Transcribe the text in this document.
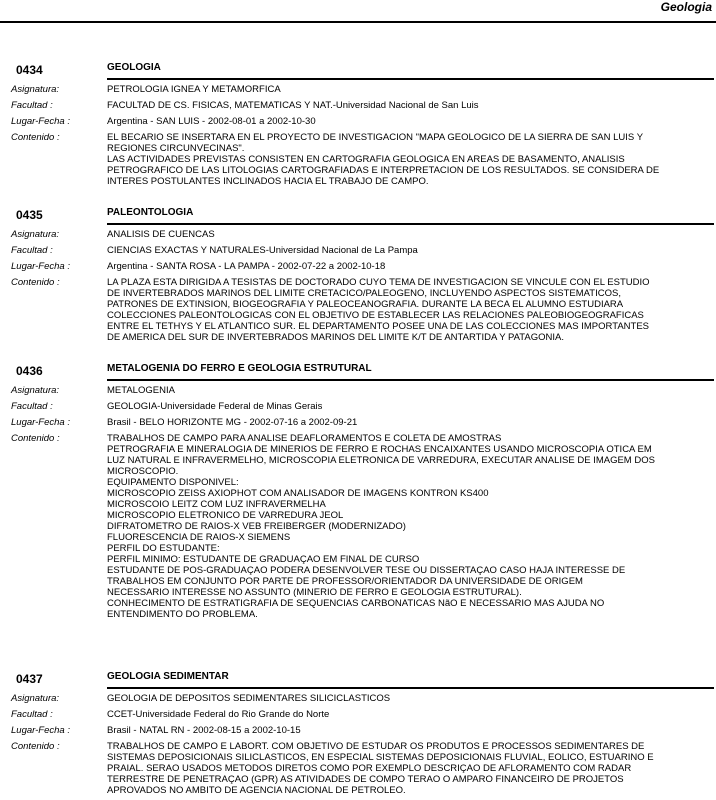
Geologia
0434	GEOLOGIA
Asignatura:	PETROLOGIA IGNEA Y METAMORFICA
Facultad :	FACULTAD DE CS. FISICAS, MATEMATICAS Y NAT.-Universidad Nacional de San Luis
Lugar-Fecha :	Argentina - SAN LUIS - 2002-08-01 a 2002-10-30
Contenido :	EL BECARIO SE INSERTARA EN EL PROYECTO DE INVESTIGACION "MAPA GEOLOGICO DE LA SIERRA DE SAN LUIS Y
REGIONES CIRCUNVECINAS".
LAS ACTIVIDADES PREVISTAS CONSISTEN EN CARTOGRAFIA GEOLOGICA EN AREAS DE BASAMENTO, ANALISIS
PETROGRAFICO DE LAS LITOLOGIAS CARTOGRAFIADAS E INTERPRETACION DE LOS RESULTADOS. SE CONSIDERA DE
INTERES POSTULANTES INCLINADOS HACIA EL TRABAJO DE CAMPO.
0435	PALEONTOLOGIA
Asignatura:	ANALISIS DE CUENCAS
Facultad :	CIENCIAS EXACTAS Y NATURALES-Universidad Nacional de La Pampa
Lugar-Fecha :	Argentina - SANTA ROSA - LA PAMPA - 2002-07-22 a 2002-10-18
Contenido :	LA PLAZA ESTA DIRIGIDA A TESISTAS DE DOCTORADO CUYO TEMA DE INVESTIGACION SE VINCULE CON EL ESTUDIO
DE INVERTEBRADOS MARINOS DEL LIMITE CRETACICO/PALEOGENO, INCLUYENDO ASPECTOS SISTEMATICOS,
PATRONES DE EXTINSION, BIOGEOGRAFIA Y PALEOCEANOGRAFIA. DURANTE LA BECA EL ALUMNO ESTUDIARA
COLECCIONES PALEONTOLOGICAS CON EL OBJETIVO DE ESTABLECER LAS RELACIONES PALEOBIOGEOGRAFICAS
ENTRE EL TETHYS Y EL ATLANTICO SUR. EL DEPARTAMENTO POSEE UNA DE LAS COLECCIONES MAS IMPORTANTES
DE AMERICA DEL SUR DE INVERTEBRADOS MARINOS DEL LIMITE K/T DE ANTARTIDA Y PATAGONIA.
0436	METALOGENIA DO FERRO E GEOLOGIA ESTRUTURAL
Asignatura:	METALOGENIA
Facultad :	GEOLOGIA-Universidade Federal de Minas Gerais
Lugar-Fecha :	Brasil - BELO HORIZONTE MG - 2002-07-16 a 2002-09-21
Contenido :	TRABALHOS DE CAMPO PARA ANALISE DEAFLORAMENTOS E COLETA DE AMOSTRAS
PETROGRAFIA E MINERALOGIA DE MINERIOS DE FERRO E ROCHAS ENCAIXANTES USANDO MICROSCOPIA OTICA EM
LUZ NATURAL E INFRAVERMELHO, MICROSCOPIA ELETRONICA DE VARREDURA, EXECUTAR ANALISE DE IMAGEM DOS
MICROSCOPIO.
EQUIPAMENTO DISPONIVEL:
MICROSCOPIO ZEISS AXIOPHOT COM ANALISADOR DE IMAGENS KONTRON KS400
MICROSCOIO LEITZ COM LUZ INFRAVERMELHA
MICROSCOPIO ELETRONICO DE VARREDURA JEOL
DIFRATOMETRO DE RAIOS-X VEB FREIBERGER (MODERNIZADO)
FLUORESCENCIA DE RAIOS-X SIEMENS
PERFIL DO ESTUDANTE:
PERFIL MINIMO: ESTUDANTE DE GRADUAÇAO EM FINAL DE CURSO
ESTUDANTE DE POS-GRADUAÇAO PODERA DESENVOLVER TESE OU DISSERTAÇAO CASO HAJA INTERESSE DE
TRABALHOS EM CONJUNTO POR PARTE DE PROFESSOR/ORIENTADOR DA UNIVERSIDADE DE ORIGEM
NECESSARIO INTERESSE NO ASSUNTO (MINERIO DE FERRO E GEOLOGIA ESTRUTURAL).
CONHECIMENTO DE ESTRATIGRAFIA DE SEQUENCIAS CARBONATICAS NãO E NECESSARIO MAS AJUDA NO
ENTENDIMENTO DO PROBLEMA.
0437	GEOLOGIA SEDIMENTAR
Asignatura:	GEOLOGIA DE DEPOSITOS SEDIMENTARES SILICICLASTICOS
Facultad :	CCET-Universidade Federal do Rio Grande do Norte
Lugar-Fecha :	Brasil - NATAL RN - 2002-08-15 a 2002-10-15
Contenido :	TRABALHOS DE CAMPO E LABORT. COM OBJETIVO DE ESTUDAR OS PRODUTOS E PROCESSOS SEDIMENTARES DE
SISTEMAS DEPOSICIONAIS SILICLASTICOS, EN ESPECIAL SISTEMAS DEPOSICIONAIS FLUVIAL, EOLICO, ESTUARINO E
PRAIAL. SERAO USADOS METODOS DIRETOS COMO POR EXEMPLO DESCRIÇAO DE AFLORAMENTO COM RADAR
TERRESTRE DE PENETRAÇAO (GPR) AS ATIVIDADES DE COMPO TERAO O AMPARO FINANCEIRO DE PROJETOS
APROVADOS NO AMBITO DE AGENCIA NACIONAL DE PETROLEO.
